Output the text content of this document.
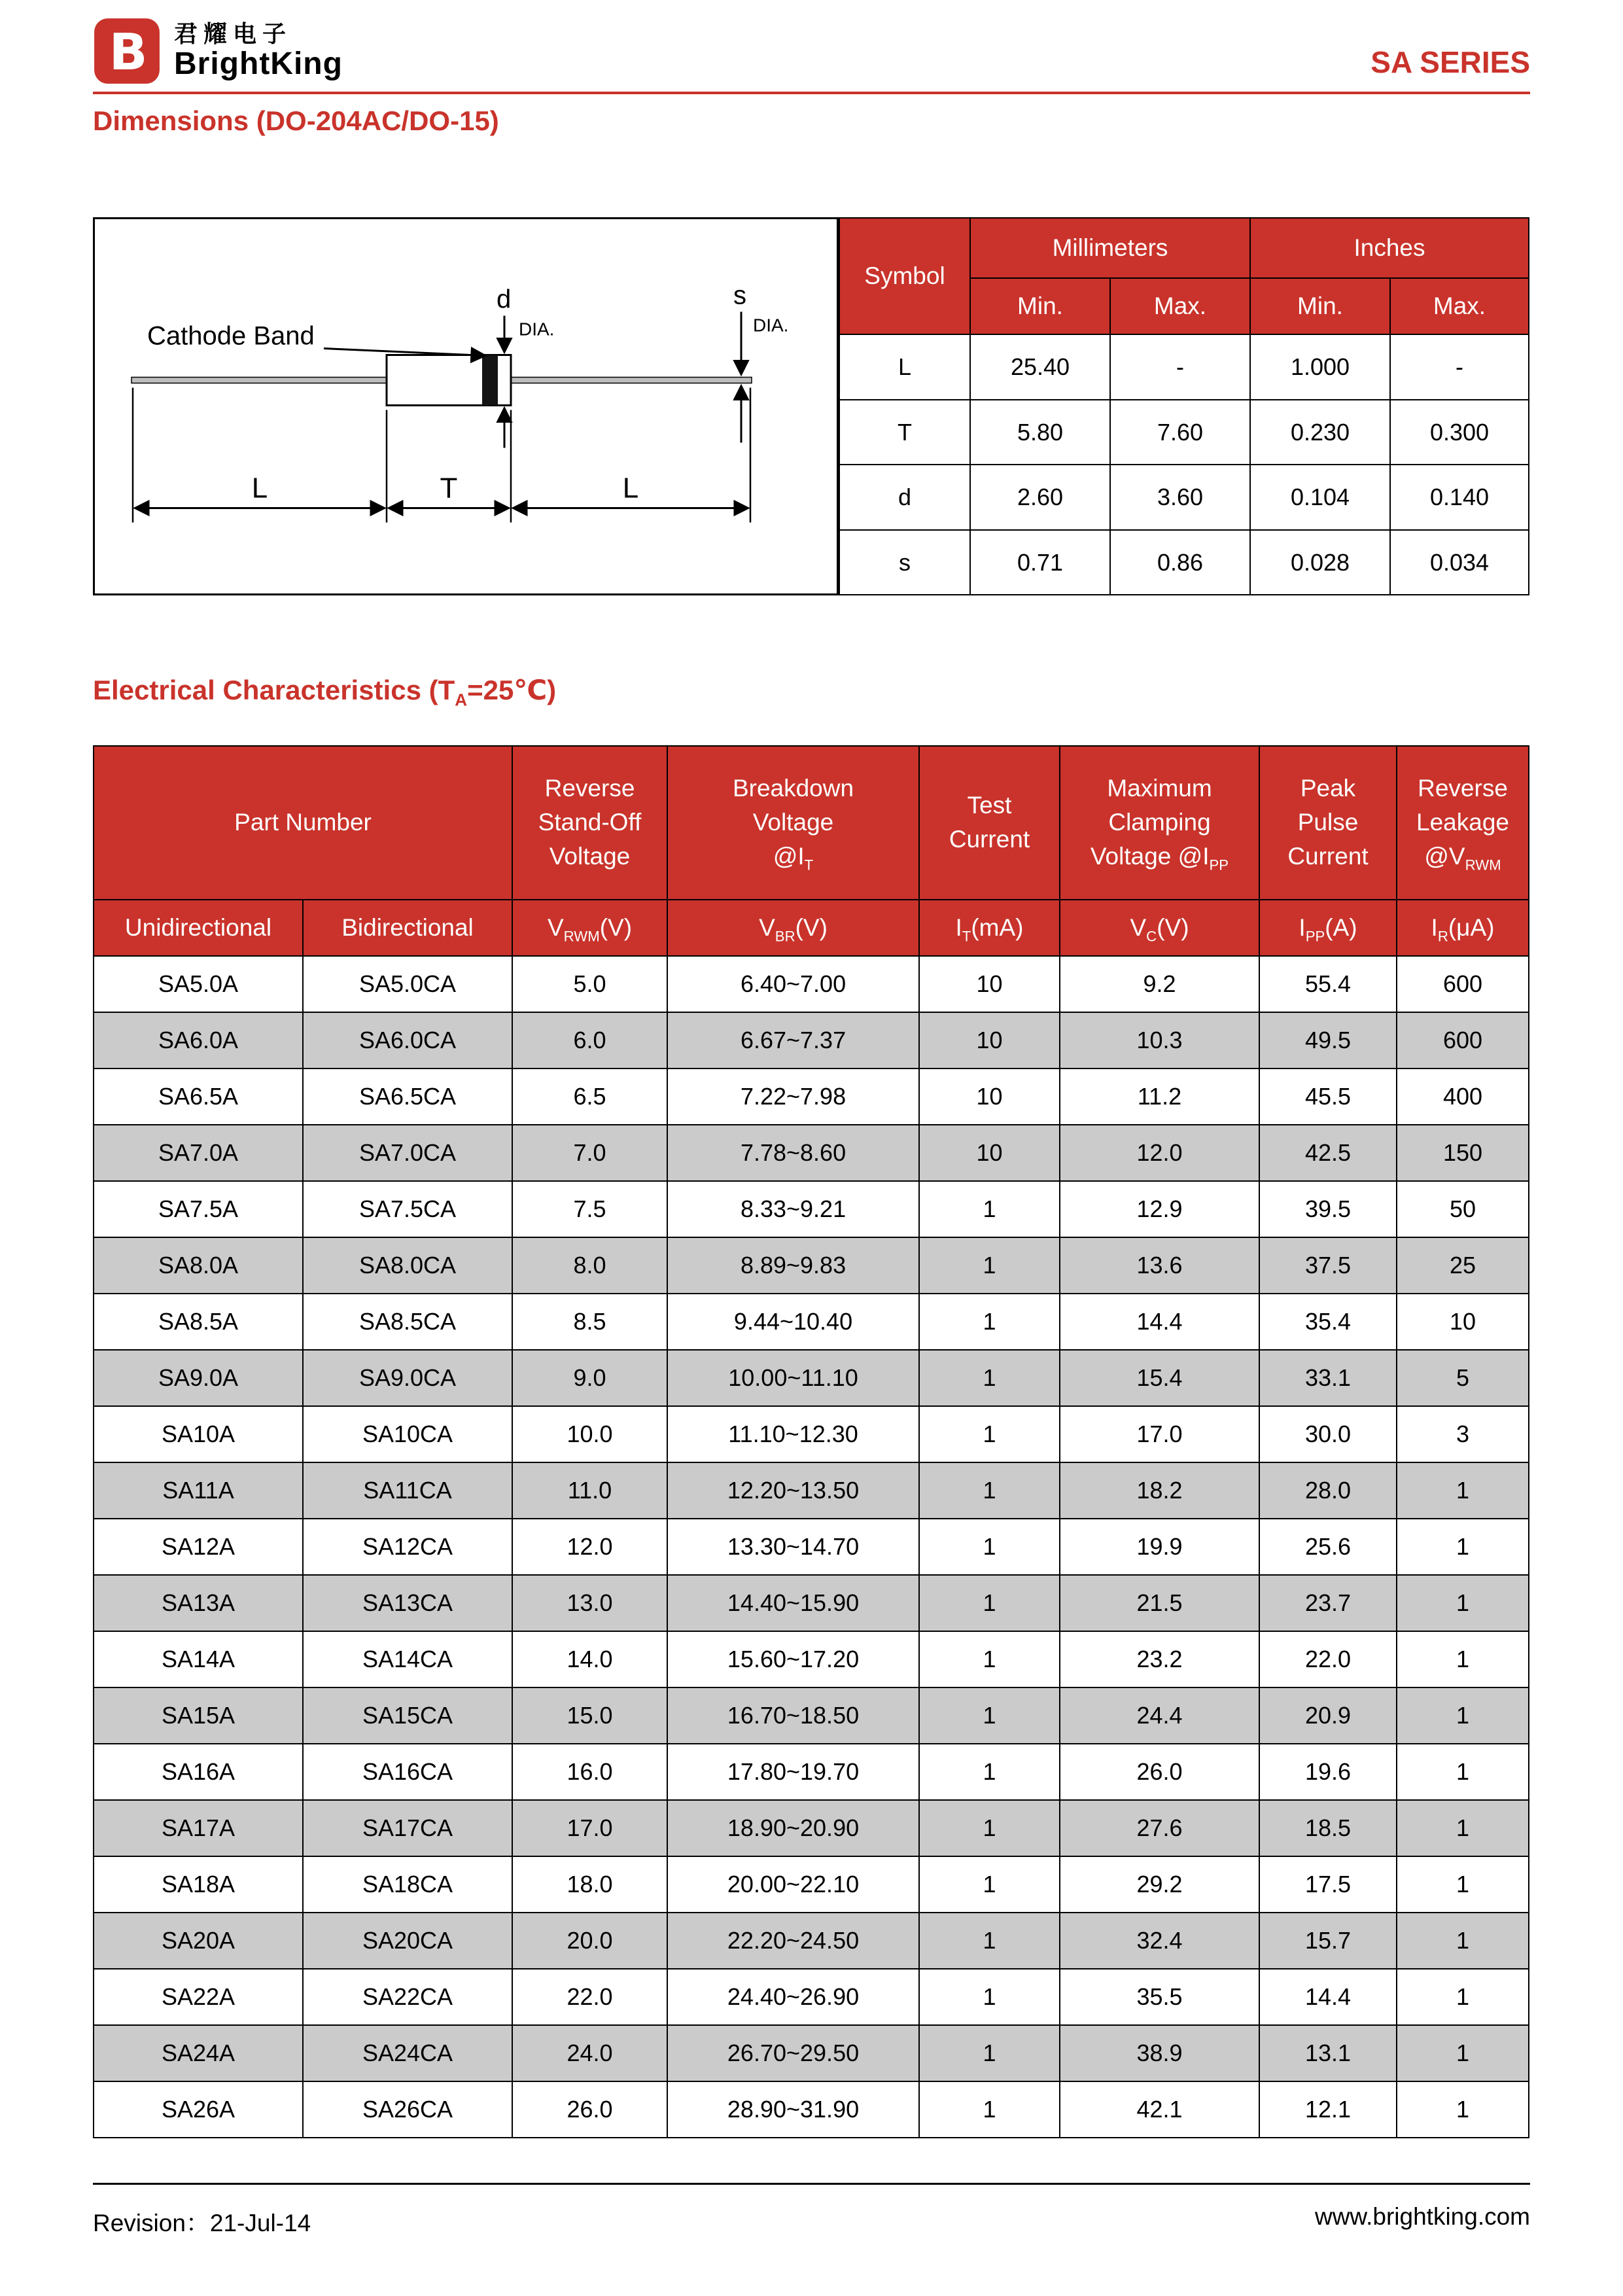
B 君耀电子
BrightKing	SA SERIES
Dimensions (DO-204AC/DO-15)
Cathode Band
d
DIA.
s
DIA.
L	T	L
Symbol	Millimeters		Inches	
	Min.	Max.	Min.	Max.
L	25.40	-	1.000	-
T	5.80	7.60	0.230	0.300
d	2.60	3.60	0.104	0.140
s	0.71	0.86	0.028	0.034
Electrical Characteristics $(T_A=25℃)$
Part Number

Reverse
Stand-Off
Voltage

Breakdown
Voltage
$@I_T$

Test
Current

Maximum
Clamping
Voltage $@I_{PP}$

Peak
Pulse
Current

Reverse
Leakage
$@V_{RWM}$

Unidirectional	Bidirectional	$V_{RWM}(V)$	$V_{BR}(V)$	$I_T(mA)$	$V_C(V)$	$I_{PP}(A)$	$I_R(\mu A)$
SA5.0A	SA5.0CA	5.0	6.40~7.00	10	9.2	55.4	600
SA6.0A	SA6.0CA	6.0	6.67~7.37	10	10.3	49.5	600
SA6.5A	SA6.5CA	6.5	7.22~7.98	10	11.2	45.5	400
SA7.0A	SA7.0CA	7.0	7.78~8.60	10	12.0	42.5	150
SA7.5A	SA7.5CA	7.5	8.33~9.21	1	12.9	39.5	50
SA8.0A	SA8.0CA	8.0	8.89~9.83	1	13.6	37.5	25
SA8.5A	SA8.5CA	8.5	9.44~10.40	1	14.4	35.4	10
SA9.0A	SA9.0CA	9.0	10.00~11.10	1	15.4	33.1	5
SA10A	SA10CA	10.0	11.10~12.30	1	17.0	30.0	3
SA11A	SA11CA	11.0	12.20~13.50	1	18.2	28.0	1
SA12A	SA12CA	12.0	13.30~14.70	1	19.9	25.6	1
SA13A	SA13CA	13.0	14.40~15.90	1	21.5	23.7	1
SA14A	SA14CA	14.0	15.60~17.20	1	23.2	22.0	1
SA15A	SA15CA	15.0	16.70~18.50	1	24.4	20.9	1
SA16A	SA16CA	16.0	17.80~19.70	1	26.0	19.6	1
SA17A	SA17CA	17.0	18.90~20.90	1	27.6	18.5	1
SA18A	SA18CA	18.0	20.00~22.10	1	29.2	17.5	1
SA20A	SA20CA	20.0	22.20~24.50	1	32.4	15.7	1
SA22A	SA22CA	22.0	24.40~26.90	1	35.5	14.4	1
SA24A	SA24CA	24.0	26.70~29.50	1	38.9	13.1	1
SA26A	SA26CA	26.0	28.90~31.90	1	42.1	12.1	1
Revision：21-Jul-14	www.brightking.com
